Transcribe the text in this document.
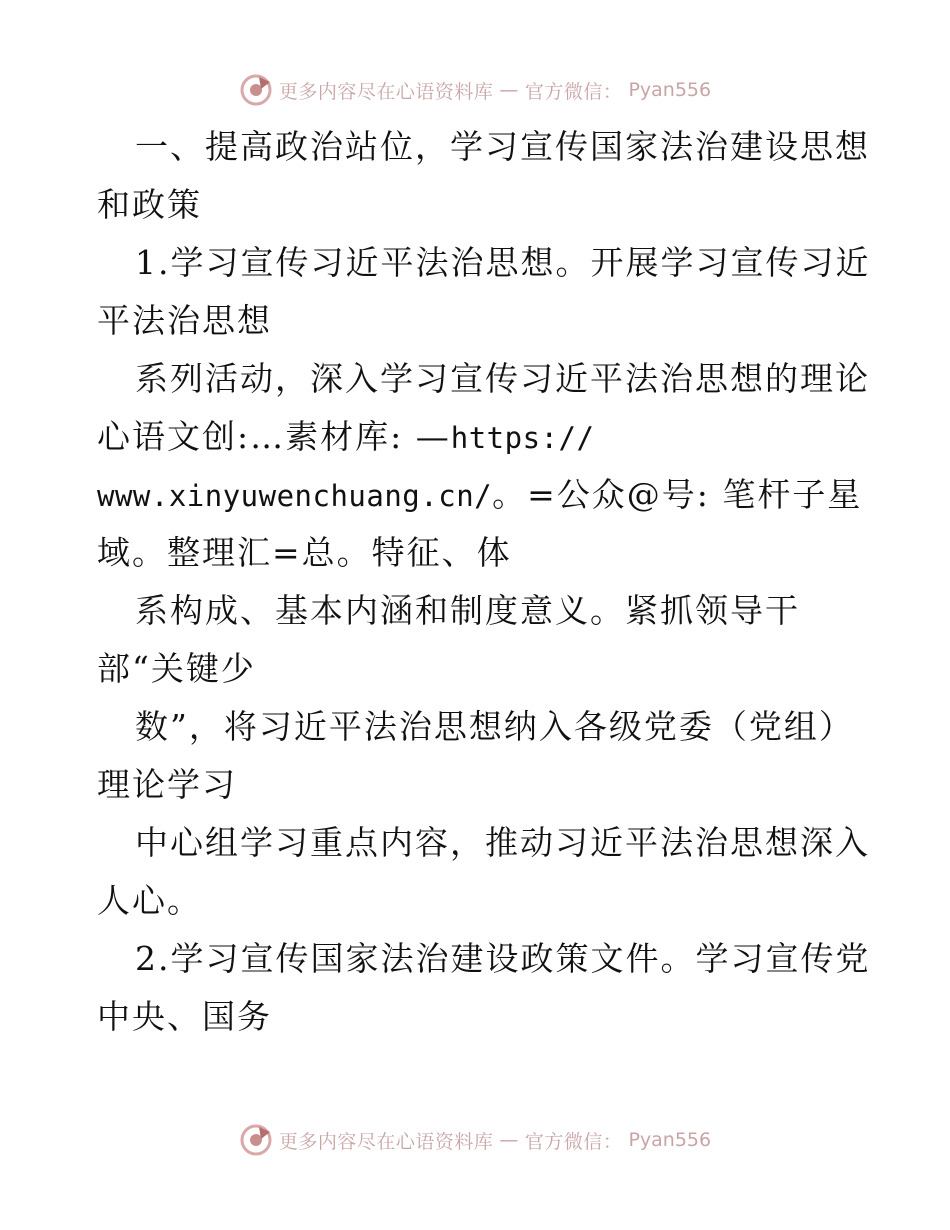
更多内容尽在心语资料库 — 官方微信： Pyan556
一、提高政治站位，学习宣传国家法治建设思想
和政策
1.学习宣传习近平法治思想。开展学习宣传习近
平法治思想
系列活动，深入学习宣传习近平法治思想的理论
心语文创:…素材库: —https://
www.xinyuwenchuang.cn/。=公众@号: 笔杆子星
域。整理汇=总。特征、体
系构成、基本内涵和制度意义。紧抓领导干
部“关键少
数”，将习近平法治思想纳入各级党委（党组）
理论学习
中心组学习重点内容，推动习近平法治思想深入
人心。
2.学习宣传国家法治建设政策文件。学习宣传党
中央、国务
更多内容尽在心语资料库 — 官方微信： Pyan556
